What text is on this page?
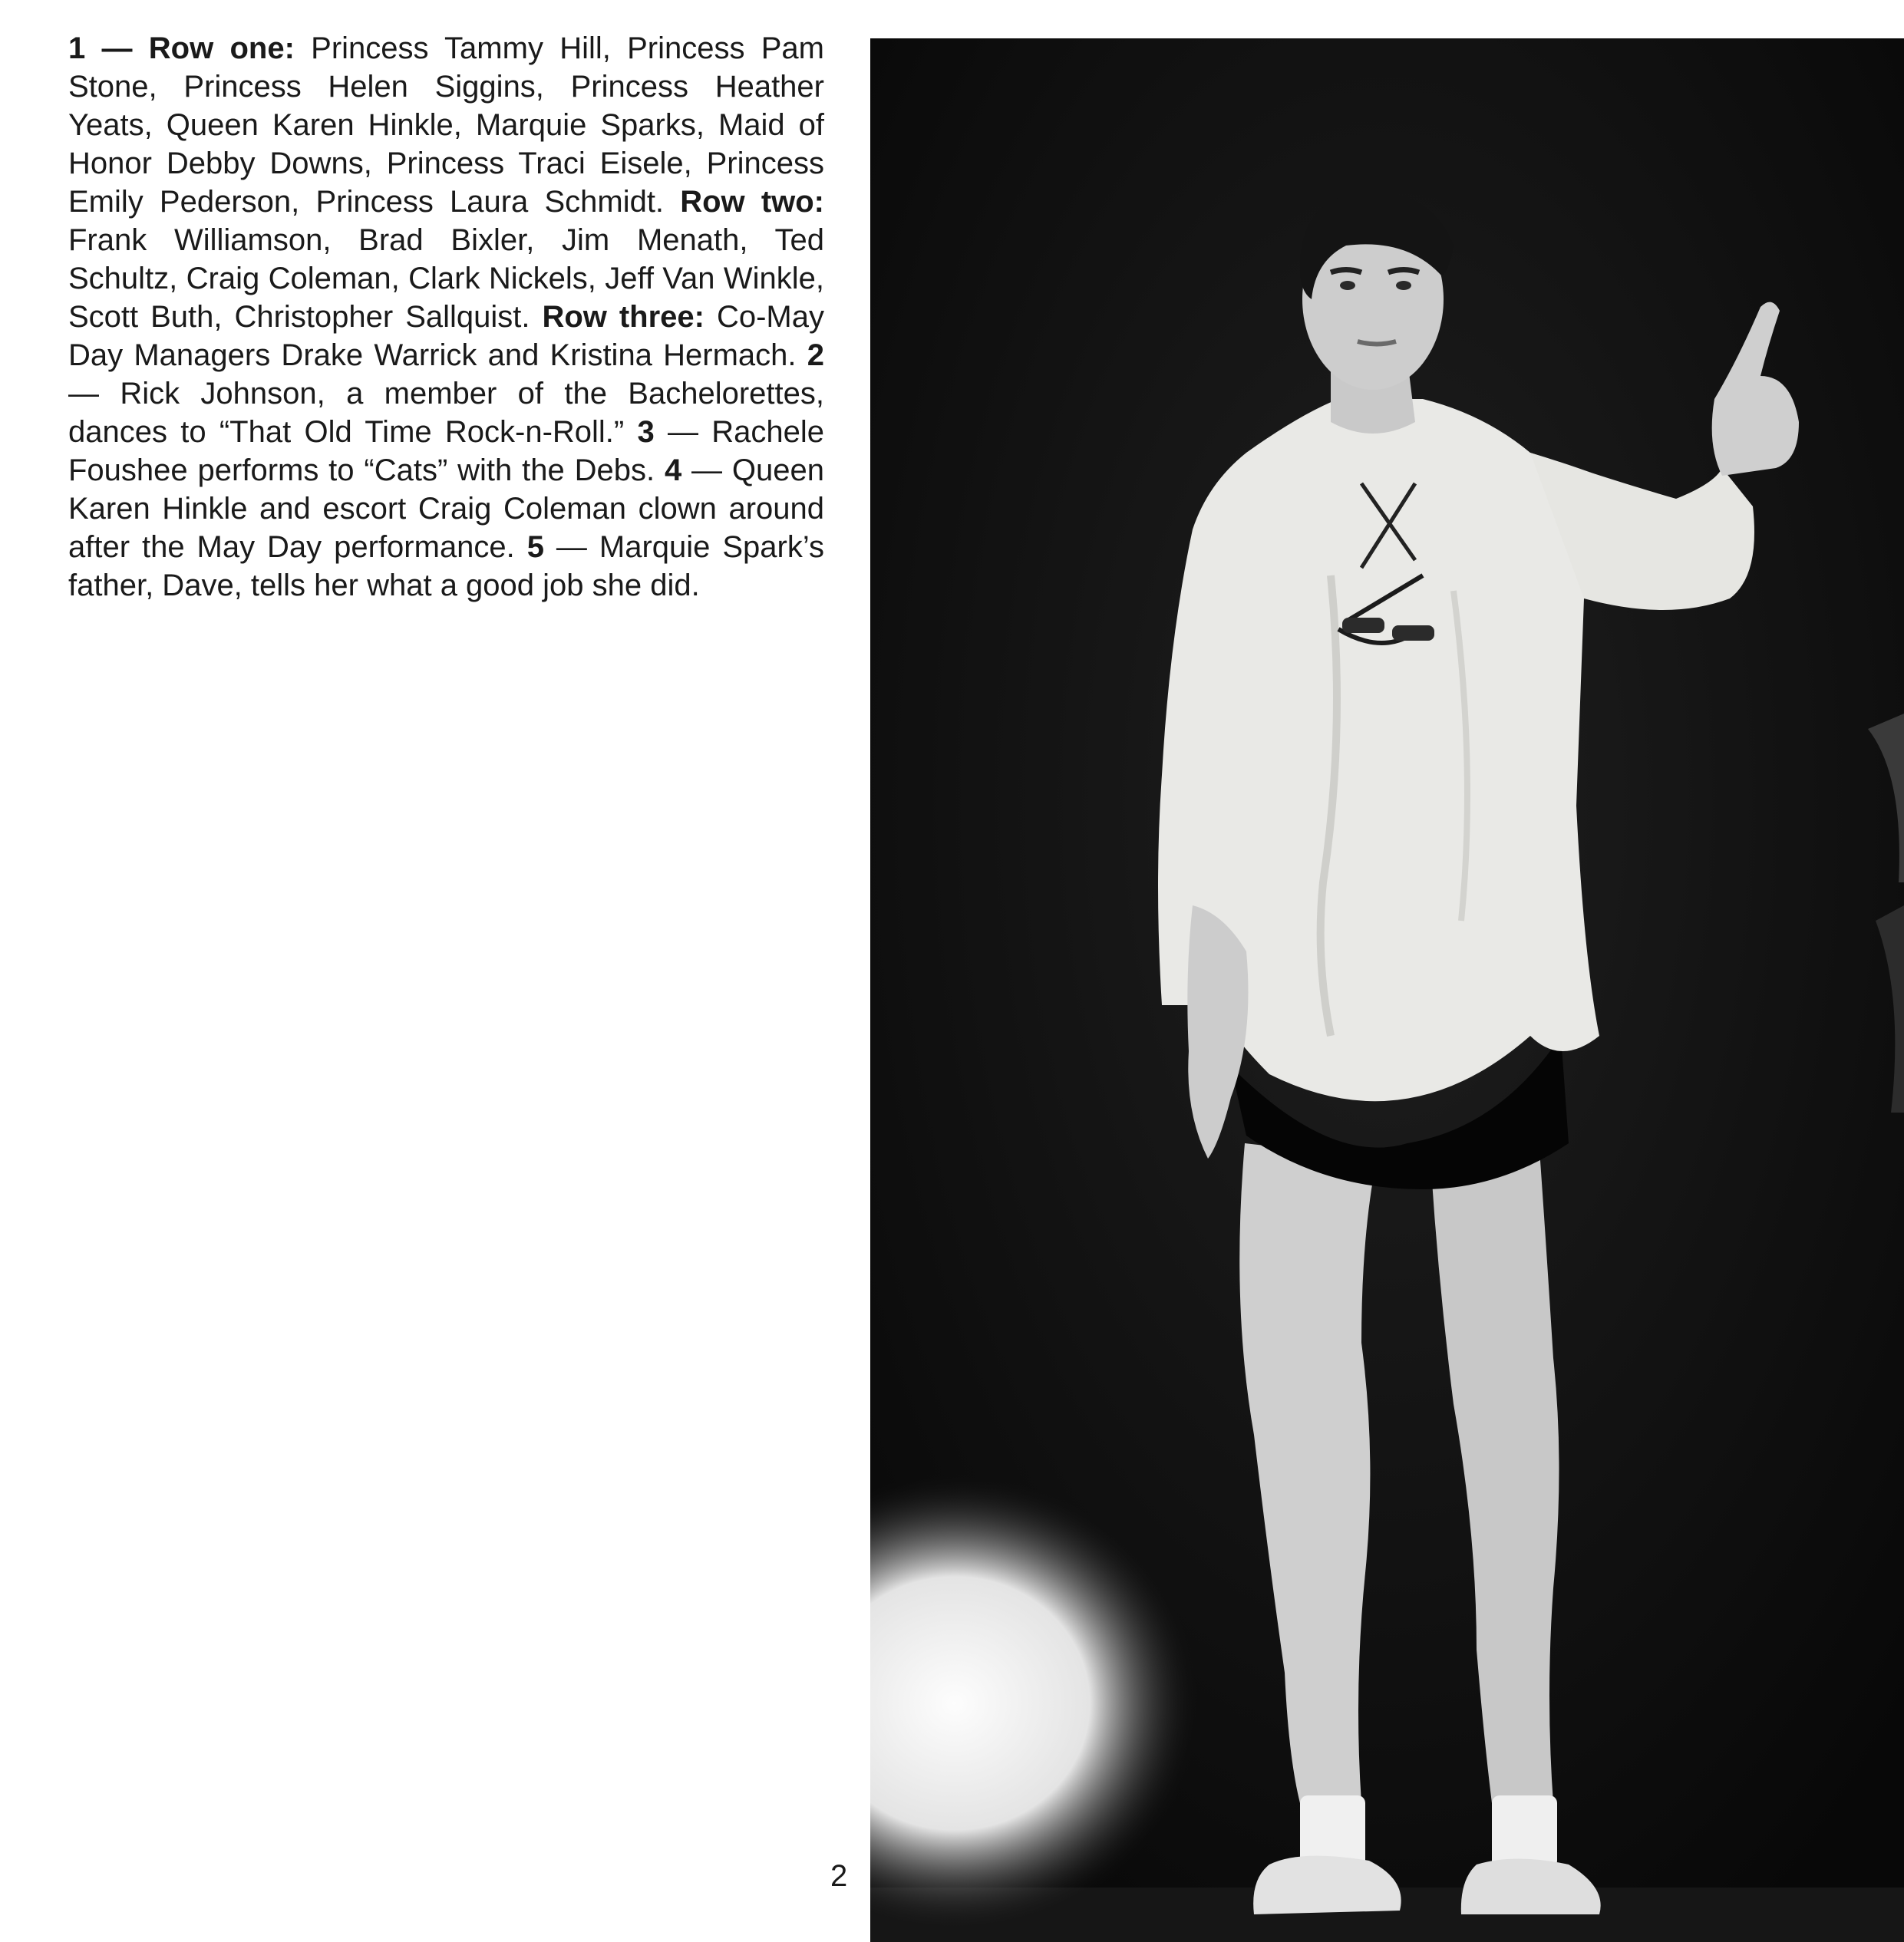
1 — Row one: Princess Tammy Hill, Princess Pam Stone, Princess Helen Siggins, Princess Heather Yeats, Queen Karen Hinkle, Marquie Sparks, Maid of Honor Debby Downs, Princess Traci Eisele, Princess Emily Pederson, Princess Laura Schmidt. Row two: Frank Williamson, Brad Bixler, Jim Menath, Ted Schultz, Craig Coleman, Clark Nickels, Jeff Van Winkle, Scott Buth, Christopher Sallquist. Row three: Co-May Day Managers Drake Warrick and Kristina Hermach. 2 — Rick Johnson, a member of the Bachelorettes, dances to “That Old Time Rock-n-Roll.” 3 — Rachele Foushee performs to “Cats” with the Debs. 4 — Queen Karen Hinkle and escort Craig Coleman clown around after the May Day performance. 5 — Marquie Spark’s father, Dave, tells her what a good job she did.

2
